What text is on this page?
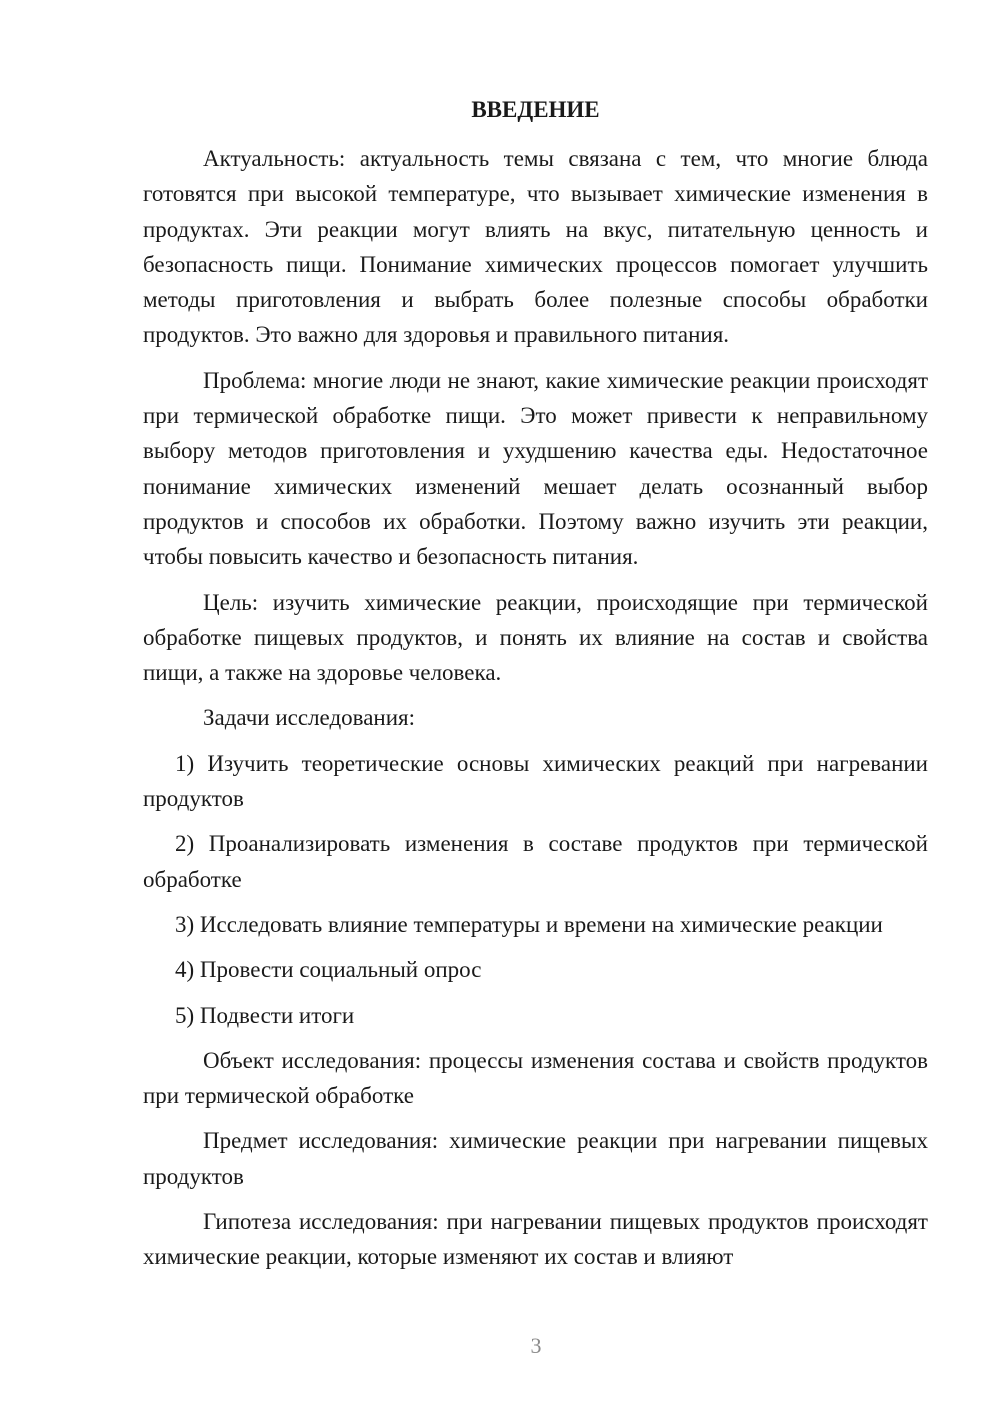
ВВЕДЕНИЕ

Актуальность: актуальность темы связана с тем, что многие блюда готовятся при высокой температуре, что вызывает химические изменения в продуктах. Эти реакции могут влиять на вкус, питательную ценность и безопасность пищи. Понимание химических процессов помогает улучшить методы приготовления и выбрать более полезные способы обработки продуктов. Это важно для здоровья и правильного питания.

Проблема: многие люди не знают, какие химические реакции происходят при термической обработке пищи. Это может привести к неправильному выбору методов приготовления и ухудшению качества еды. Недостаточное понимание химических изменений мешает делать осознанный выбор продуктов и способов их обработки. Поэтому важно изучить эти реакции, чтобы повысить качество и безопасность питания.

Цель: изучить химические реакции, происходящие при термической обработке пищевых продуктов, и понять их влияние на состав и свойства пищи, а также на здоровье человека.

Задачи исследования:

1) Изучить теоретические основы химических реакций при нагревании продуктов

2) Проанализировать изменения в составе продуктов при термической обработке

3) Исследовать влияние температуры и времени на химические реакции

4) Провести социальный опрос

5) Подвести итоги

Объект исследования: процессы изменения состава и свойств продуктов при термической обработке

Предмет исследования: химические реакции при нагревании пищевых продуктов

Гипотеза исследования: при нагревании пищевых продуктов происходят химические реакции, которые изменяют их состав и влияют

3
